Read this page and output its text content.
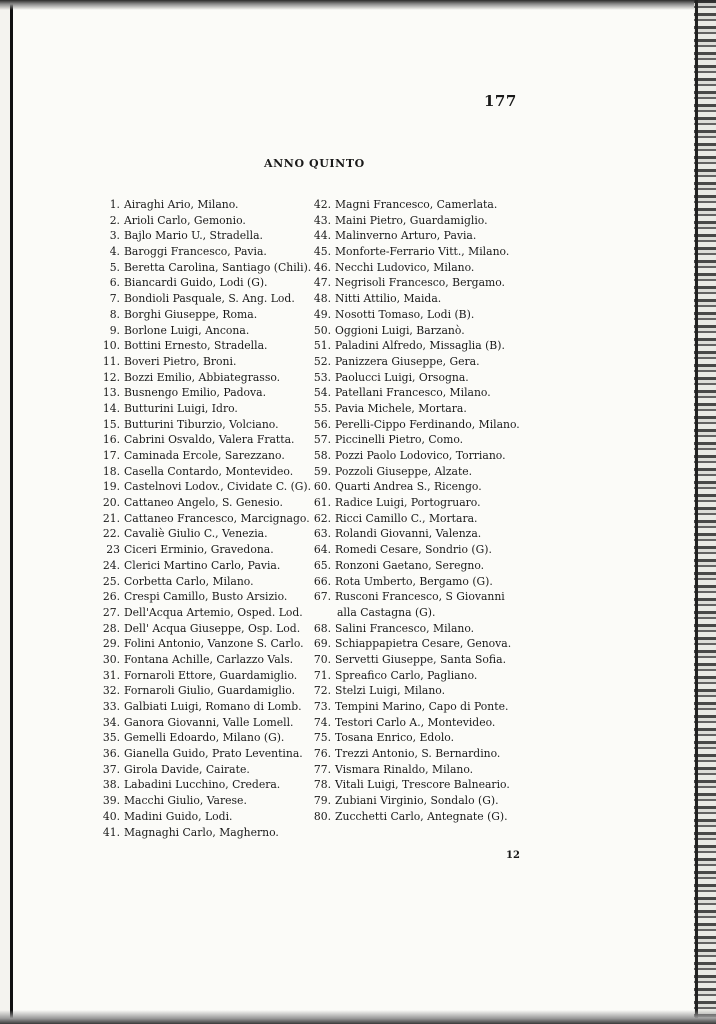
177
ANNO QUINTO
1. Airaghi Ario, Milano.
2. Arioli Carlo, Gemonio.
3. Bajlo Mario U., Stradella.
4. Baroggi Francesco, Pavia.
5. Beretta Carolina, Santiago (Chili).
6. Biancardi Guido, Lodi (G).
7. Bondioli Pasquale, S. Ang. Lod.
8. Borghi Giuseppe, Roma.
9. Borlone Luigi, Ancona.
10. Bottini Ernesto, Stradella.
11. Boveri Pietro, Broni.
12. Bozzi Emilio, Abbiategrasso.
13. Busnengo Emilio, Padova.
14. Butturini Luigi, Idro.
15. Butturini Tiburzio, Volciano.
16. Cabrini Osvaldo, Valera Fratta.
17. Caminada Ercole, Sarezzano.
18. Casella Contardo, Montevideo.
19. Castelnovi Lodov., Cividate C. (G).
20. Cattaneo Angelo, S. Genesio.
21. Cattaneo Francesco, Marcignago.
22. Cavaliè Giulio C., Venezia.
23 Ciceri Erminio, Gravedona.
24. Clerici Martino Carlo, Pavia.
25. Corbetta Carlo, Milano.
26. Crespi Camillo, Busto Arsizio.
27. Dell'Acqua Artemio, Osped. Lod.
28. Dell' Acqua Giuseppe, Osp. Lod.
29. Folini Antonio, Vanzone S. Carlo.
30. Fontana Achille, Carlazzo Vals.
31. Fornaroli Ettore, Guardamiglio.
32. Fornaroli Giulio, Guardamiglio.
33. Galbiati Luigi, Romano di Lomb.
34. Ganora Giovanni, Valle Lomell.
35. Gemelli Edoardo, Milano (G).
36. Gianella Guido, Prato Leventina.
37. Girola Davide, Cairate.
38. Labadini Lucchino, Credera.
39. Macchi Giulio, Varese.
40. Madini Guido, Lodi.
41. Magnaghi Carlo, Magherno.
42. Magni Francesco, Camerlata.
43. Maini Pietro, Guardamiglio.
44. Malinverno Arturo, Pavia.
45. Monforte-Ferrario Vitt., Milano.
46. Necchi Ludovico, Milano.
47. Negrisoli Francesco, Bergamo.
48. Nitti Attilio, Maida.
49. Nosotti Tomaso, Lodi (B).
50. Oggioni Luigi, Barzanò.
51. Paladini Alfredo, Missaglia (B).
52. Panizzera Giuseppe, Gera.
53. Paolucci Luigi, Orsogna.
54. Patellani Francesco, Milano.
55. Pavia Michele, Mortara.
56. Perelli-Cippo Ferdinando, Milano.
57. Piccinelli Pietro, Como.
58. Pozzi Paolo Lodovico, Torriano.
59. Pozzoli Giuseppe, Alzate.
60. Quarti Andrea S., Ricengo.
61. Radice Luigi, Portogruaro.
62. Ricci Camillo C., Mortara.
63. Rolandi Giovanni, Valenza.
64. Romedi Cesare, Sondrio (G).
65. Ronzoni Gaetano, Seregno.
66. Rota Umberto, Bergamo (G).
67. Rusconi Francesco, S Giovanni
alla Castagna (G).
68. Salini Francesco, Milano.
69. Schiappapietra Cesare, Genova.
70. Servetti Giuseppe, Santa Sofia.
71. Spreafico Carlo, Pagliano.
72. Stelzi Luigi, Milano.
73. Tempini Marino, Capo di Ponte.
74. Testori Carlo A., Montevideo.
75. Tosana Enrico, Edolo.
76. Trezzi Antonio, S. Bernardino.
77. Vismara Rinaldo, Milano.
78. Vitali Luigi, Trescore Balneario.
79. Zubiani Virginio, Sondalo (G).
80. Zucchetti Carlo, Antegnate (G).
12
